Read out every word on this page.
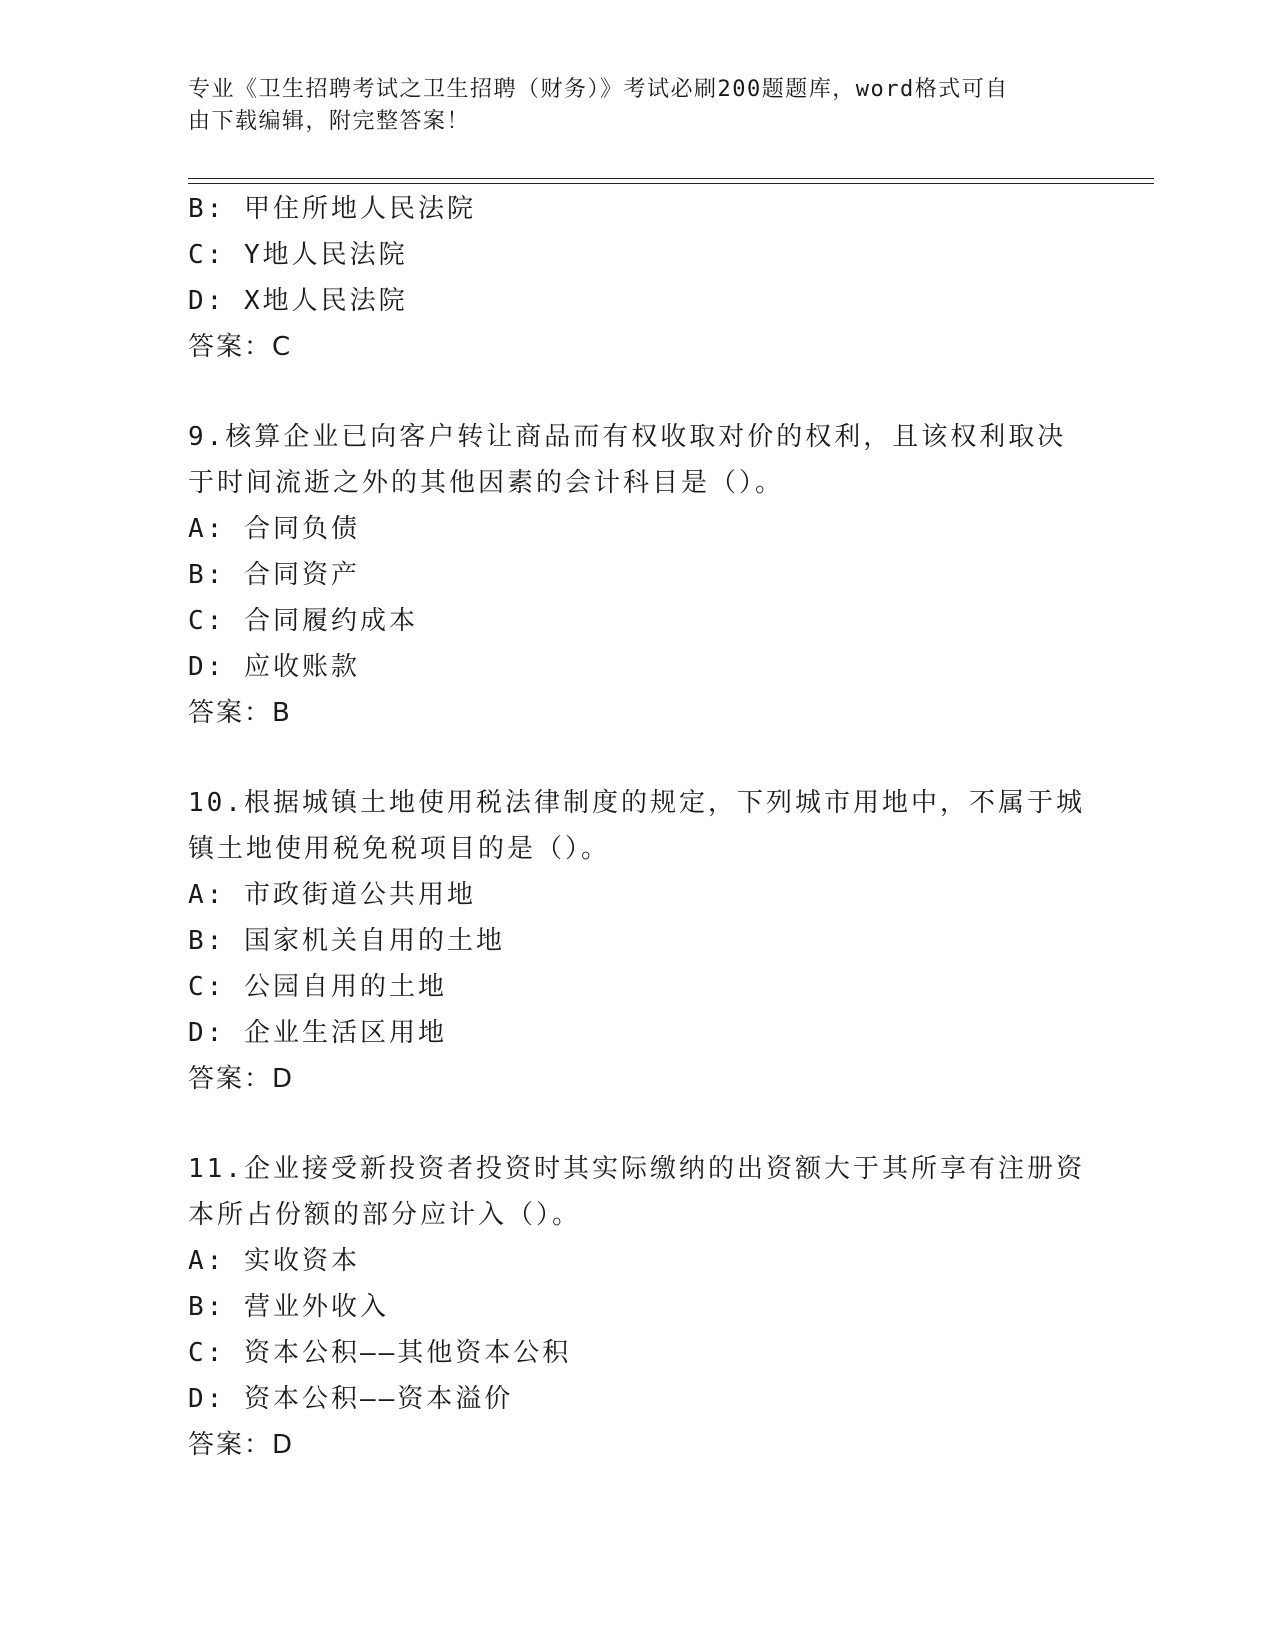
专业《卫生招聘考试之卫生招聘（财务）》考试必刷200题题库，word格式可自
由下载编辑，附完整答案！
B: 甲住所地人民法院
C: Y地人民法院
D: X地人民法院
答案：C
9.核算企业已向客户转让商品而有权收取对价的权利，且该权利取决
于时间流逝之外的其他因素的会计科目是（）。
A: 合同负债
B: 合同资产
C: 合同履约成本
D: 应收账款
答案：B
10.根据城镇土地使用税法律制度的规定，下列城市用地中，不属于城
镇土地使用税免税项目的是（）。
A: 市政街道公共用地
B: 国家机关自用的土地
C: 公园自用的土地
D: 企业生活区用地
答案：D
11.企业接受新投资者投资时其实际缴纳的出资额大于其所享有注册资
本所占份额的部分应计入（）。
A: 实收资本
B: 营业外收入
C: 资本公积——其他资本公积
D: 资本公积——资本溢价
答案：D
